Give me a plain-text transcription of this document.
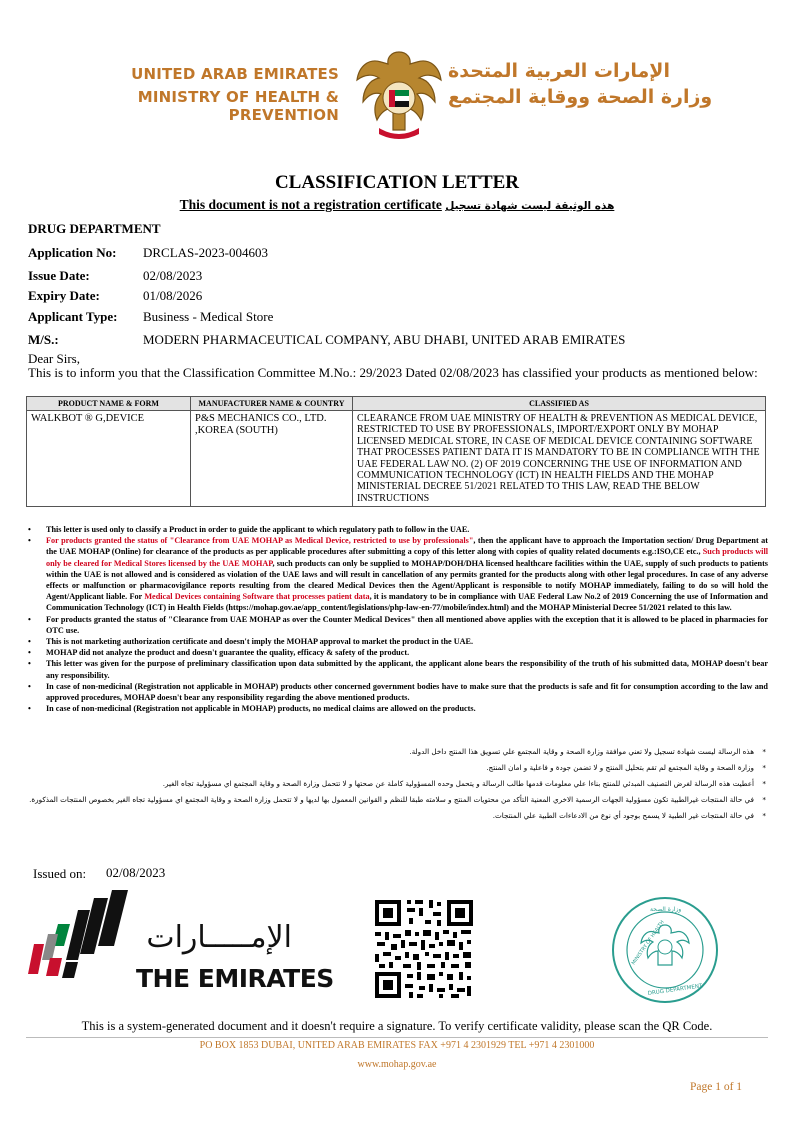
UNITED ARAB EMIRATES
MINISTRY OF HEALTH & PREVENTION
الإمارات العربية المتحدة
وزارة الصحة ووقاية المجتمع
CLASSIFICATION LETTER
This document is not a registration certificate هذه الوثيقة ليست شهادة تسجيل
DRUG DEPARTMENT
Application No: DRCLAS-2023-004603
Issue Date:	02/08/2023
Expiry Date:	01/08/2026
Applicant Type: Business - Medical Store
M/S.:	MODERN PHARMACEUTICAL COMPANY, ABU DHABI, UNITED ARAB EMIRATES
Dear Sirs,
This is to inform you that the Classification Committee M.No.: 29/2023 Dated 02/08/2023 has classified your products as mentioned below:
PRODUCT NAME & FORM	MANUFACTURER NAME & COUNTRY	CLASSIFIED AS
WALKBOT ® G,DEVICE	P&S MECHANICS CO., LTD. ,KOREA (SOUTH)	CLEARANCE FROM UAE MINISTRY OF HEALTH & PREVENTION AS MEDICAL DEVICE, RESTRICTED TO USE BY PROFESSIONALS, IMPORT/EXPORT ONLY BY MOHAP LICENSED MEDICAL STORE, IN CASE OF MEDICAL DEVICE CONTAINING SOFTWARE THAT PROCESSES PATIENT DATA IT IS MANDATORY TO BE IN COMPLIANCE WITH THE UAE FEDERAL LAW NO. (2) OF 2019 CONCERNING THE USE OF INFORMATION AND COMMUNICATION TECHNOLOGY (ICT) IN HEALTH FIELDS AND THE MOHAP MINISTERIAL DECREE 51/2021 RELATED TO THIS LAW, READ THE BELOW INSTRUCTIONS
• This letter is used only to classify a Product in order to guide the applicant to which regulatory path to follow in the UAE.
• For products granted the status of "Clearance from UAE MOHAP as Medical Device, restricted to use by professionals", then the applicant have to approach the Importation section/ Drug Department at the UAE MOHAP (Online) for clearance of the products as per applicable procedures after submitting a copy of this letter along with copies of quality related documents e.g.:ISO,CE etc., Such products will only be cleared for Medical Stores licensed by the UAE MOHAP, such products can only be supplied to MOHAP/DOH/DHA licensed healthcare facilities within the UAE, supply of such products to patients within the UAE is not allowed and is considered as violation of the UAE laws and will result in cancellation of any permits granted for the products along with other legal procedures. In case of any adverse effects or malfunction or pharmacovigilance reports resulting from the cleared Medical Devices then the Agent/Applicant is responsible to notify MOHAP immediately, failing to do so will hold the Agent/Applicant liable. For Medical Devices containing Software that processes patient data, it is mandatory to be in compliance with UAE Federal Law No.2 of 2019 Concerning the use of Information and Communication Technology (ICT) in Health Fields (https://mohap.gov.ae/app_content/legislations/php-law-en-77/mobile/index.html) and the MOHAP Ministerial Decree 51/2021 related to this law.
• For products granted the status of "Clearance from UAE MOHAP as over the Counter Medical Devices" then all mentioned above applies with the exception that it is allowed to be placed in pharmacies for OTC use.
• This is not marketing authorization certificate and doesn't imply the MOHAP approval to market the product in the UAE.
• MOHAP did not analyze the product and doesn't guarantee the quality, efficacy & safety of the product.
• This letter was given for the purpose of preliminary classification upon data submitted by the applicant, the applicant alone bears the responsibility of the truth of his submitted data, MOHAP doesn't bear any responsibility.
• In case of non-medicinal (Registration not applicable in MOHAP) products other concerned government bodies have to make sure that the products is safe and fit for consumption according to the law and approved procedures, MOHAP doesn't bear any responsibility regarding the above mentioned products.
• In case of non-medicinal (Registration not applicable in MOHAP) products, no medical claims are allowed on the products.
* هذه الرسالة ليست شهادة تسجيل ولا تعني موافقة وزارة الصحة و وقاية المجتمع علي تسويق هذا المنتج داخل الدولة.
* وزارة الصحة و وقاية المجتمع لم تقم بتحليل المنتج و لا تضمن جودة و فاعلية و امان المنتج.
* أعطيت هذه الرسالة لغرض التصنيف المبدئي للمنتج بناءا علي معلومات قدمها طالب الرسالة و يتحمل وحده المسؤولية كاملة عن صحتها و لا تتحمل وزارة الصحة و وقاية المجتمع اي مسؤولية تجاه الغير.
* في حالة المنتجات غيرالطبية تكون مسؤولية الجهات الرسمية الاخري المعنية التأكد من محتويات المنتج و سلامته طبقا للنظم و القوانين المعمول بها لديها و لا تتحمل وزارة الصحة و وقاية المجتمع اي مسؤولية تجاه الغير بخصوص المنتجات المذكورة.
* في حالة المنتجات غير الطبية لا يسمح بوجود أي نوع من الادعاءات الطبية علي المنتجات.
Issued on: 02/08/2023
الإمـــــارات
THE EMIRATES
MINISTRY OF HEALTH
DRUG DEPARTMENT
وزارة الصحة
This is a system-generated document and it doesn't require a signature. To verify certificate validity, please scan the QR Code.
PO BOX 1853 DUBAI, UNITED ARAB EMIRATES FAX +971 4 2301929 TEL +971 4 2301000
www.mohap.gov.ae
Page 1 of 1
